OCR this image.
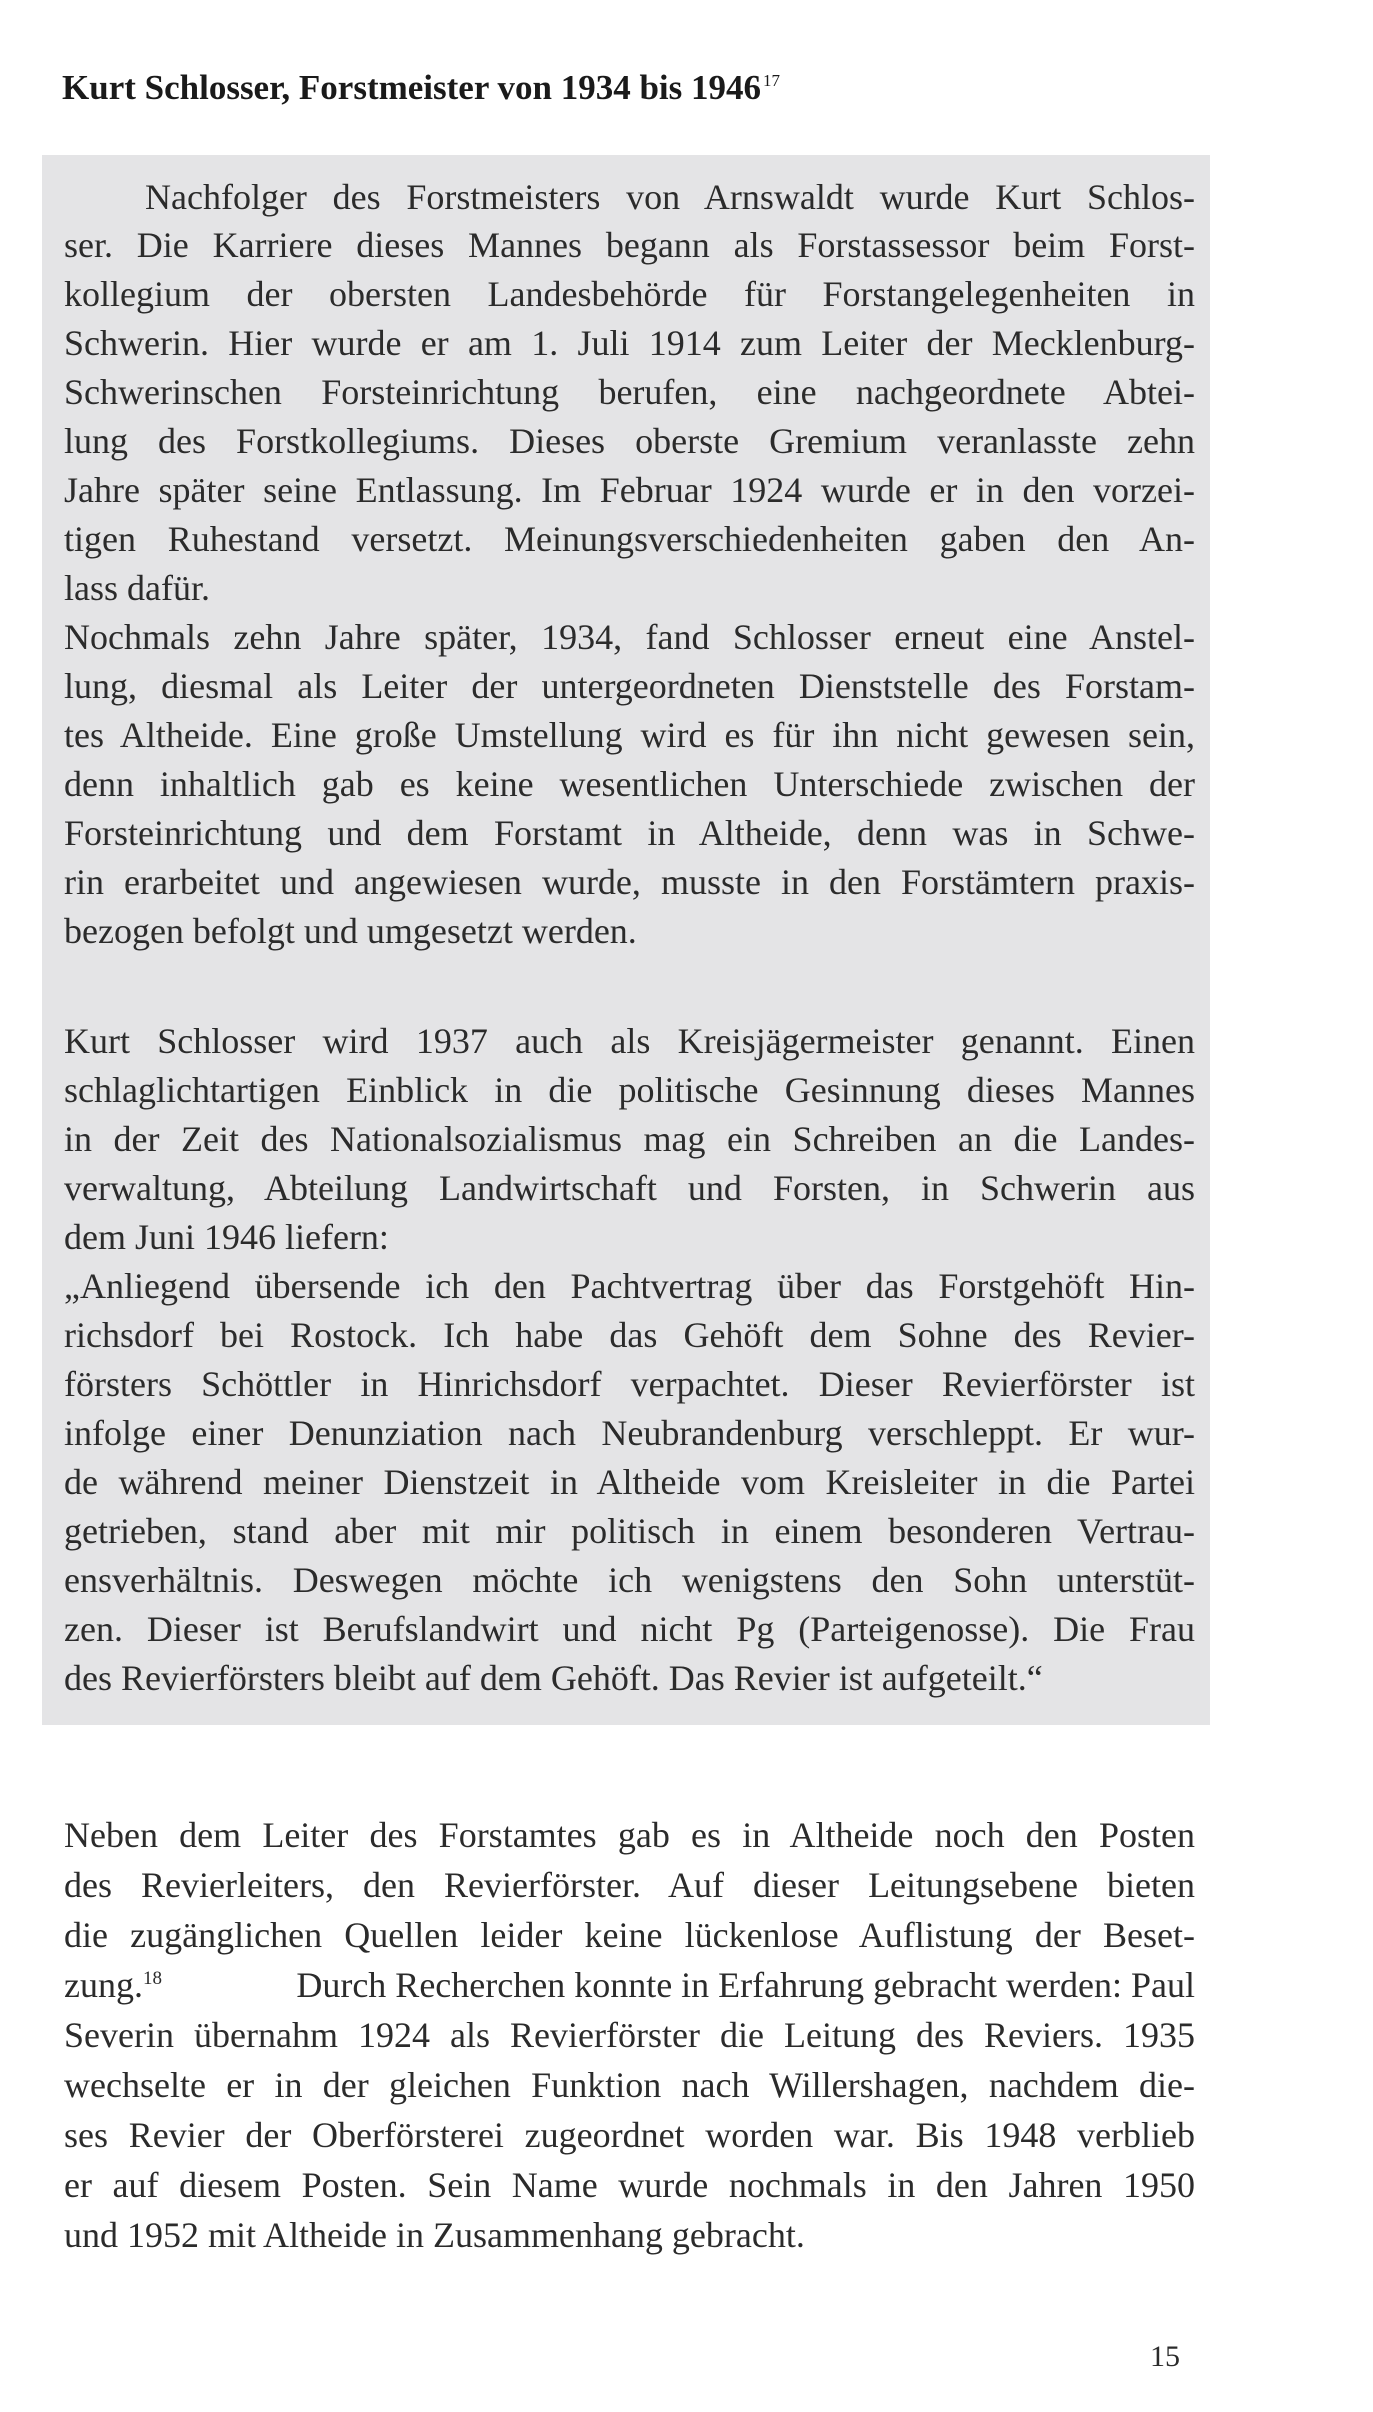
Kurt Schlosser, Forstmeister von 1934 bis 1946 $^{17}$
Nachfolger des Forstmeisters von Arnswaldt wurde Kurt Schlos-
ser. Die Karriere dieses Mannes begann als Forstassessor beim Forst-
kollegium der obersten Landesbehörde für Forstangelegenheiten in
Schwerin. Hier wurde er am 1. Juli 1914 zum Leiter der Mecklenburg-
Schwerinschen Forsteinrichtung berufen, eine nachgeordnete Abtei-
lung des Forstkollegiums. Dieses oberste Gremium veranlasste zehn
Jahre später seine Entlassung. Im Februar 1924 wurde er in den vorzei-
tigen Ruhestand versetzt. Meinungsverschiedenheiten gaben den An-
lass dafür.
Nochmals zehn Jahre später, 1934, fand Schlosser erneut eine Anstel-
lung, diesmal als Leiter der untergeordneten Dienststelle des Forstam-
tes Altheide. Eine große Umstellung wird es für ihn nicht gewesen sein,
denn inhaltlich gab es keine wesentlichen Unterschiede zwischen der
Forsteinrichtung und dem Forstamt in Altheide, denn was in Schwe-
rin erarbeitet und angewiesen wurde, musste in den Forstämtern praxis-
bezogen befolgt und umgesetzt werden.
Kurt Schlosser wird 1937 auch als Kreisjägermeister genannt. Einen
schlaglichtartigen Einblick in die politische Gesinnung dieses Mannes
in der Zeit des Nationalsozialismus mag ein Schreiben an die Landes-
verwaltung, Abteilung Landwirtschaft und Forsten, in Schwerin aus
dem Juni 1946 liefern:
„Anliegend übersende ich den Pachtvertrag über das Forstgehöft Hin-
richsdorf bei Rostock. Ich habe das Gehöft dem Sohne des Revier-
försters Schöttler in Hinrichsdorf verpachtet. Dieser Revierförster ist
infolge einer Denunziation nach Neubrandenburg verschleppt. Er wur-
de während meiner Dienstzeit in Altheide vom Kreisleiter in die Partei
getrieben, stand aber mit mir politisch in einem besonderen Vertrau-
ensverhältnis. Deswegen möchte ich wenigstens den Sohn unterstüt-
zen. Dieser ist Berufslandwirt und nicht Pg (Parteigenosse). Die Frau
des Revierförsters bleibt auf dem Gehöft. Das Revier ist aufgeteilt.“
Neben dem Leiter des Forstamtes gab es in Altheide noch den Posten
des Revierleiters, den Revierförster. Auf dieser Leitungsebene bieten
die zugänglichen Quellen leider keine lückenlose Auflistung der Beset-
zung.$^{18}$	Durch Recherchen konnte in Erfahrung gebracht werden: Paul
Severin übernahm 1924 als Revierförster die Leitung des Reviers. 1935
wechselte er in der gleichen Funktion nach Willershagen, nachdem die-
ses Revier der Oberförsterei zugeordnet worden war. Bis 1948 verblieb
er auf diesem Posten. Sein Name wurde nochmals in den Jahren 1950
und 1952 mit Altheide in Zusammenhang gebracht.
15
